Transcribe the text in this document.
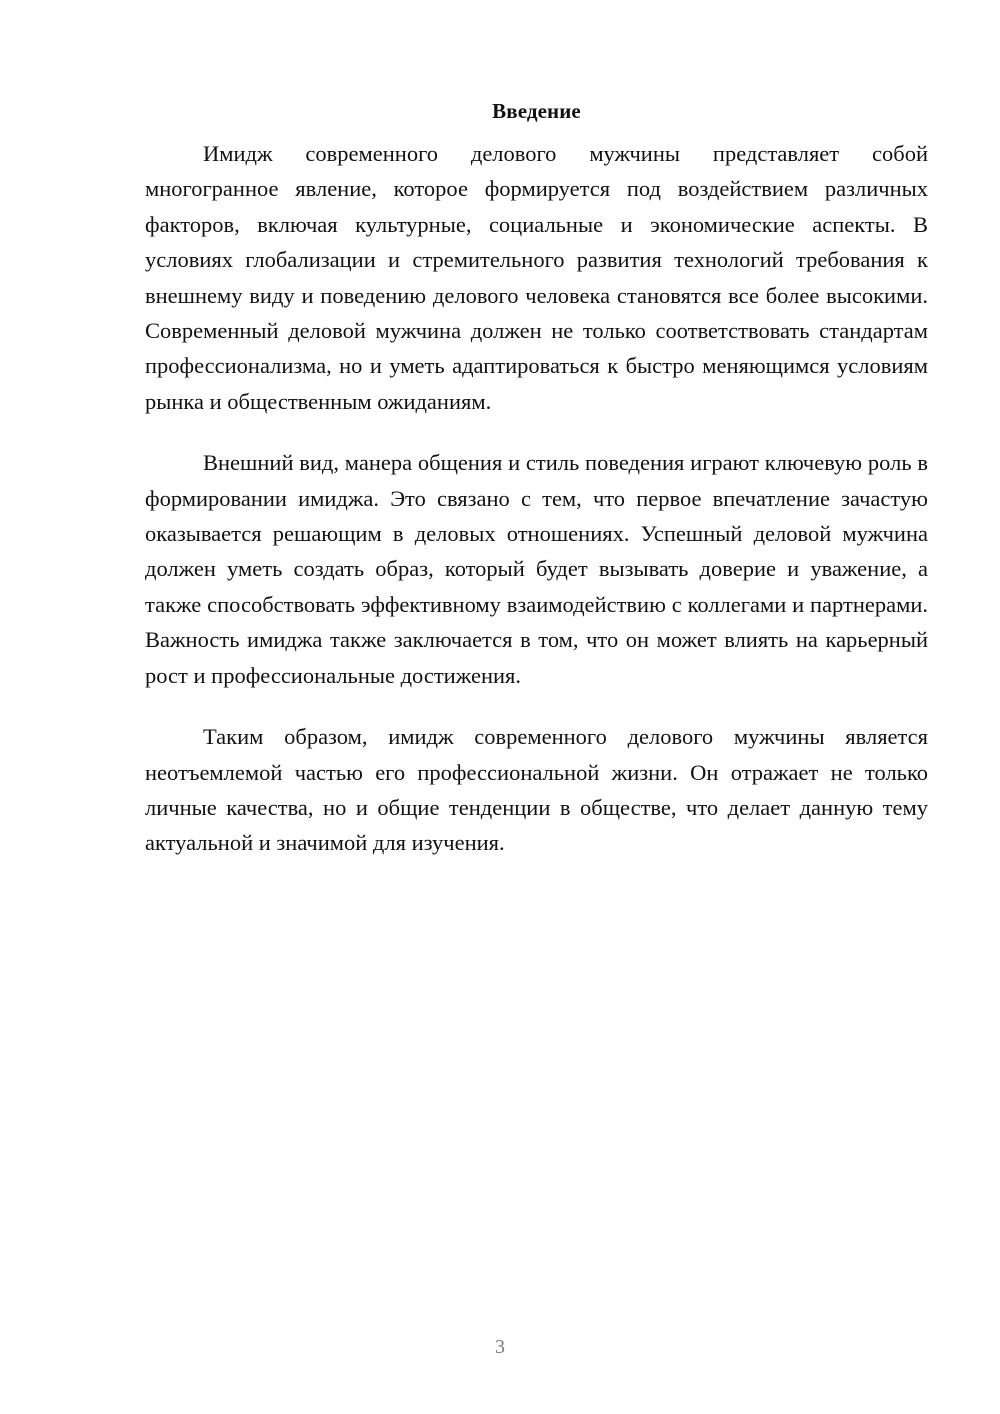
Введение

Имидж современного делового мужчины представляет собой многогранное явление, которое формируется под воздействием различных факторов, включая культурные, социальные и экономические аспекты. В условиях глобализации и стремительного развития технологий требования к внешнему виду и поведению делового человека становятся все более высокими. Современный деловой мужчина должен не только соответствовать стандартам профессионализма, но и уметь адаптироваться к быстро меняющимся условиям рынка и общественным ожиданиям.

Внешний вид, манера общения и стиль поведения играют ключевую роль в формировании имиджа. Это связано с тем, что первое впечатление зачастую оказывается решающим в деловых отношениях. Успешный деловой мужчина должен уметь создать образ, который будет вызывать доверие и уважение, а также способствовать эффективному взаимодействию с коллегами и партнерами. Важность имиджа также заключается в том, что он может влиять на карьерный рост и профессиональные достижения.

Таким образом, имидж современного делового мужчины является неотъемлемой частью его профессиональной жизни. Он отражает не только личные качества, но и общие тенденции в обществе, что делает данную тему актуальной и значимой для изучения.

3
